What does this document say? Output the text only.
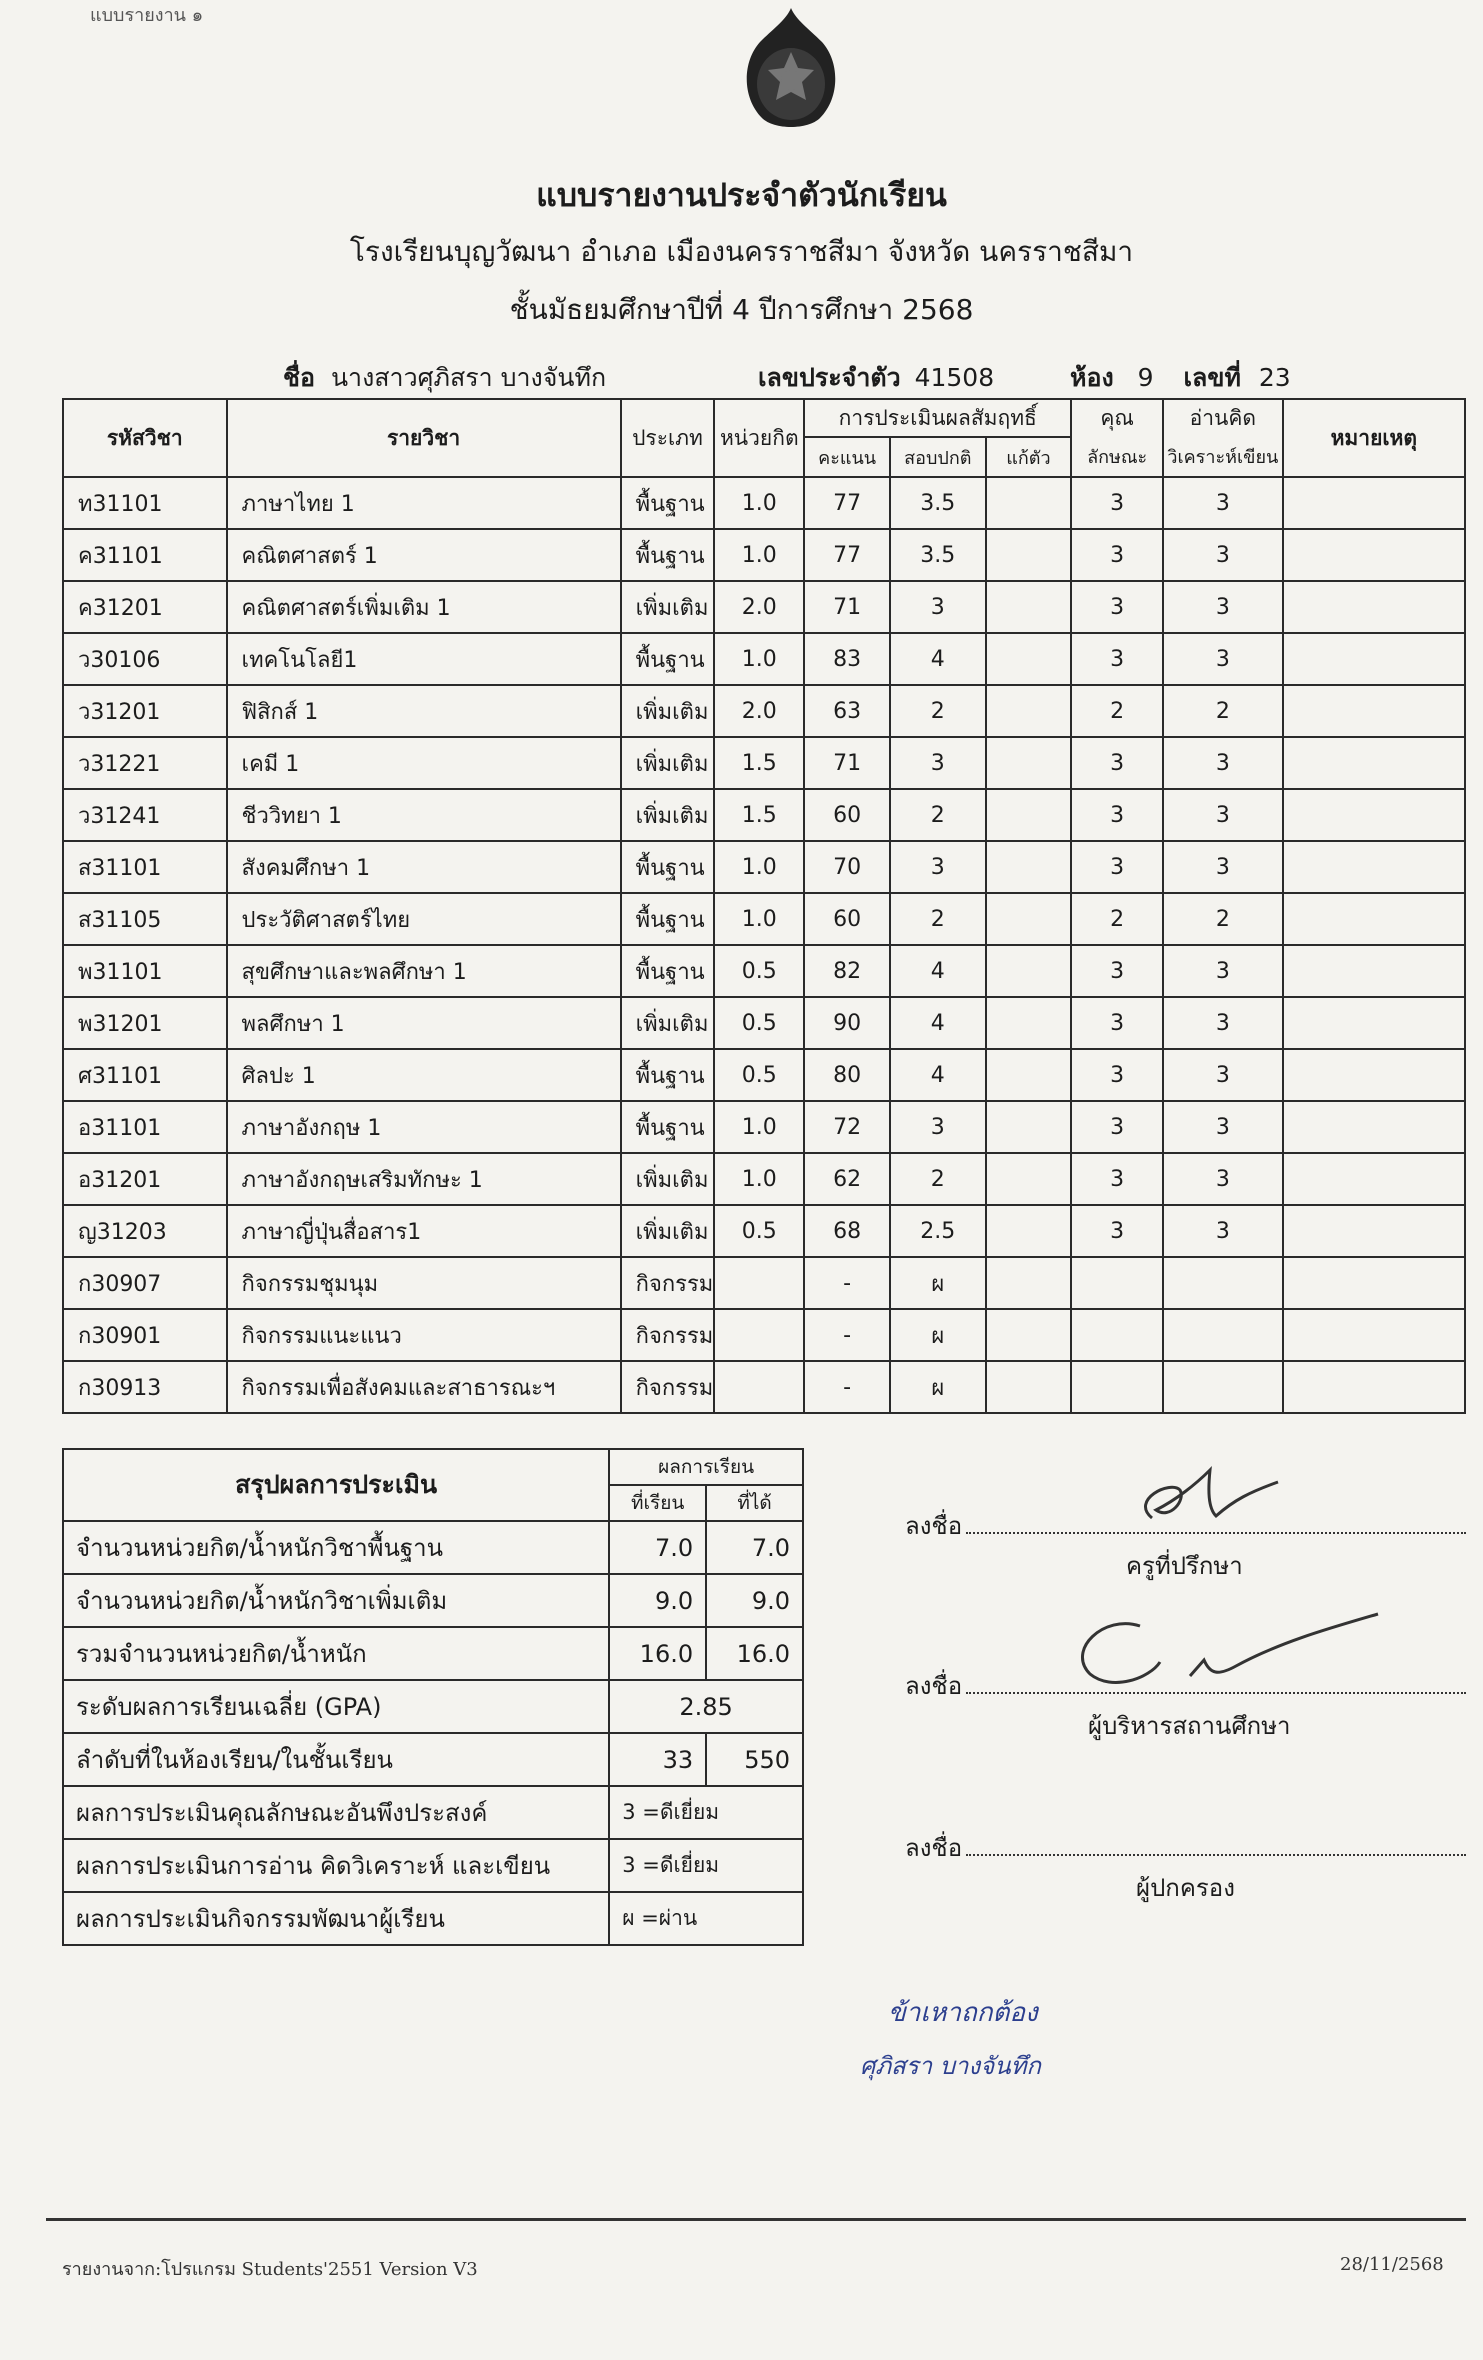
แบบรายงาน ๑
แบบรายงานประจำตัวนักเรียน
โรงเรียนบุญวัฒนา อำเภอ เมืองนครราชสีมา จังหวัด นครราชสีมา
ชั้นมัธยมศึกษาปีที่ 4 ปีการศึกษา 2568
ชื่อ นางสาวศุภิสรา บางจันทึก	เลขประจำตัว 41508	ห้อง 9 เลขที่ 23
รหัสวิชา	รายวิชา	ประเภท	หน่วยกิต	การประเมินผลสัมฤทธิ์			คุณ	อ่านคิด	หมายเหตุ
				คะแนน	สอบปกติ	แก้ตัว	ลักษณะ	วิเคราะห์เขียน	
ท31101	ภาษาไทย 1	พื้นฐาน	1.0	77	3.5		3	3	
ค31101	คณิตศาสตร์ 1	พื้นฐาน	1.0	77	3.5		3	3	
ค31201	คณิตศาสตร์เพิ่มเติม 1	เพิ่มเติม	2.0	71	3		3	3	
ว30106	เทคโนโลยี1	พื้นฐาน	1.0	83	4		3	3	
ว31201	ฟิสิกส์ 1	เพิ่มเติม	2.0	63	2		2	2	
ว31221	เคมี 1	เพิ่มเติม	1.5	71	3		3	3	
ว31241	ชีววิทยา 1	เพิ่มเติม	1.5	60	2		3	3	
ส31101	สังคมศึกษา 1	พื้นฐาน	1.0	70	3		3	3	
ส31105	ประวัติศาสตร์ไทย	พื้นฐาน	1.0	60	2		2	2	
พ31101	สุขศึกษาและพลศึกษา 1	พื้นฐาน	0.5	82	4		3	3	
พ31201	พลศึกษา 1	เพิ่มเติม	0.5	90	4		3	3	
ศ31101	ศิลปะ 1	พื้นฐาน	0.5	80	4		3	3	
อ31101	ภาษาอังกฤษ 1	พื้นฐาน	1.0	72	3		3	3	
อ31201	ภาษาอังกฤษเสริมทักษะ 1	เพิ่มเติม	1.0	62	2		3	3	
ญ31203	ภาษาญี่ปุ่นสื่อสาร1	เพิ่มเติม	0.5	68	2.5		3	3	
ก30907	กิจกรรมชุมนุม	กิจกรรม		-	ผ				
ก30901	กิจกรรมแนะแนว	กิจกรรม		-	ผ				
ก30913	กิจกรรมเพื่อสังคมและสาธารณะฯ	กิจกรรม		-	ผ				
สรุปผลการประเมิน	ผลการเรียน	
	ที่เรียน	ที่ได้
จำนวนหน่วยกิต/น้ำหนักวิชาพื้นฐาน	7.0	7.0
จำนวนหน่วยกิต/น้ำหนักวิชาเพิ่มเติม	9.0	9.0
รวมจำนวนหน่วยกิต/น้ำหนัก	16.0	16.0
ระดับผลการเรียนเฉลี่ย (GPA)	2.85	
ลำดับที่ในห้องเรียน/ในชั้นเรียน	33	550
ผลการประเมินคุณลักษณะอันพึงประสงค์	3 =ดีเยี่ยม	
ผลการประเมินการอ่าน คิดวิเคราะห์ และเขียน	3 =ดีเยี่ยม	
ผลการประเมินกิจกรรมพัฒนาผู้เรียน	ผ =ผ่าน	
ลงชื่อ
ครูที่ปรึกษา
ลงชื่อ
ผู้บริหารสถานศึกษา
ลงชื่อ
ผู้ปกครอง
ข้าเหาถกต้อง
ศุภิสรา บางจันทึก
รายงานจาก:โปรแกรม Students'2551 Version V3	28/11/2568
